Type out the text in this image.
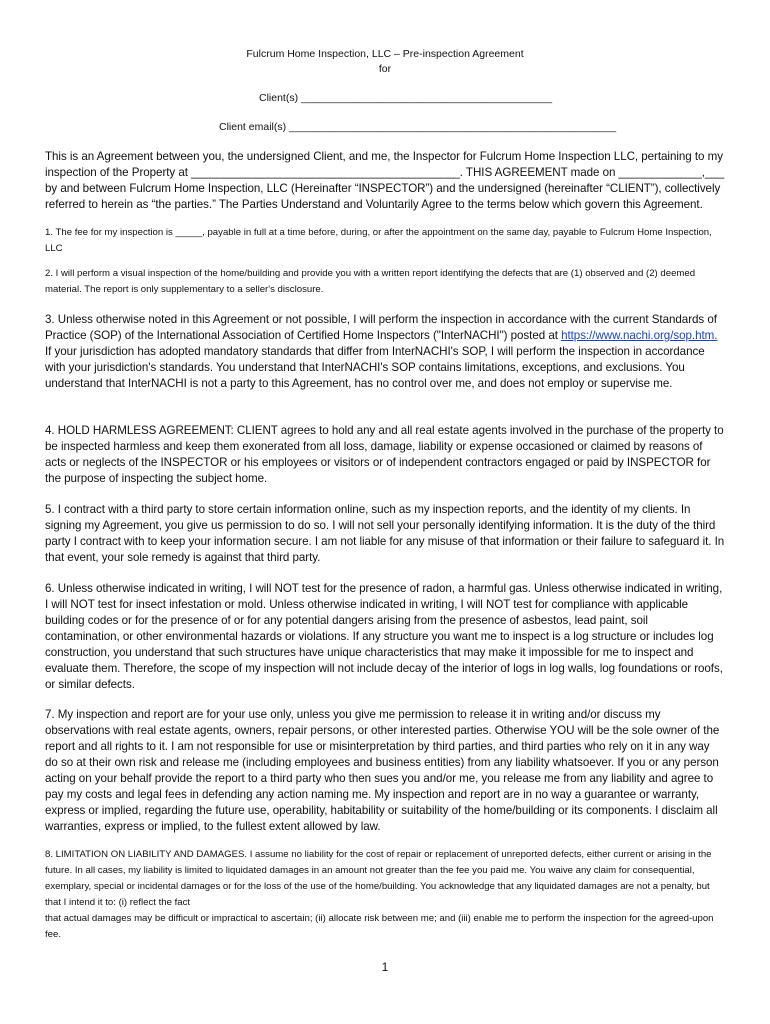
Fulcrum Home Inspection, LLC – Pre-inspection Agreement
for
Client(s) ___________________________________________
Client email(s) ________________________________________________________

This is an Agreement between you, the undersigned Client, and me, the Inspector for Fulcrum Home Inspection LLC, pertaining to my inspection of the Property at __________________________________________. THIS AGREEMENT made on _____________,___ by and between Fulcrum Home Inspection, LLC (Hereinafter “INSPECTOR”) and the undersigned (hereinafter “CLIENT”), collectively referred to herein as “the parties.” The Parties Understand and Voluntarily Agree to the terms below which govern this Agreement.

1. The fee for my inspection is _____, payable in full at a time before, during, or after the appointment on the same day, payable to Fulcrum Home Inspection, LLC

2. I will perform a visual inspection of the home/building and provide you with a written report identifying the defects that are (1) observed and (2) deemed material. The report is only supplementary to a seller's disclosure.

3. Unless otherwise noted in this Agreement or not possible, I will perform the inspection in accordance with the current Standards of Practice (SOP) of the International Association of Certified Home Inspectors ("InterNACHI") posted at https://www.nachi.org/sop.htm. If your jurisdiction has adopted mandatory standards that differ from InterNACHI's SOP, I will perform the inspection in accordance with your jurisdiction's standards. You understand that InterNACHI's SOP contains limitations, exceptions, and exclusions. You understand that InterNACHI is not a party to this Agreement, has no control over me, and does not employ or supervise me.

4. HOLD HARMLESS AGREEMENT: CLIENT agrees to hold any and all real estate agents involved in the purchase of the property to be inspected harmless and keep them exonerated from all loss, damage, liability or expense occasioned or claimed by reasons of acts or neglects of the INSPECTOR or his employees or visitors or of independent contractors engaged or paid by INSPECTOR for the purpose of inspecting the subject home.

5. I contract with a third party to store certain information online, such as my inspection reports, and the identity of my clients. In signing my Agreement, you give us permission to do so. I will not sell your personally identifying information. It is the duty of the third party I contract with to keep your information secure. I am not liable for any misuse of that information or their failure to safeguard it. In that event, your sole remedy is against that third party.

6. Unless otherwise indicated in writing, I will NOT test for the presence of radon, a harmful gas. Unless otherwise indicated in writing, I will NOT test for insect infestation or mold. Unless otherwise indicated in writing, I will NOT test for compliance with applicable building codes or for the presence of or for any potential dangers arising from the presence of asbestos, lead paint, soil contamination, or other environmental hazards or violations. If any structure you want me to inspect is a log structure or includes log construction, you understand that such structures have unique characteristics that may make it impossible for me to inspect and evaluate them. Therefore, the scope of my inspection will not include decay of the interior of logs in log walls, log foundations or roofs, or similar defects.

7. My inspection and report are for your use only, unless you give me permission to release it in writing and/or discuss my observations with real estate agents, owners, repair persons, or other interested parties. Otherwise YOU will be the sole owner of the report and all rights to it. I am not responsible for use or misinterpretation by third parties, and third parties who rely on it in any way do so at their own risk and release me (including employees and business entities) from any liability whatsoever. If you or any person acting on your behalf provide the report to a third party who then sues you and/or me, you release me from any liability and agree to pay my costs and legal fees in defending any action naming me. My inspection and report are in no way a guarantee or warranty, express or implied, regarding the future use, operability, habitability or suitability of the home/building or its components. I disclaim all warranties, express or implied, to the fullest extent allowed by law.

8. LIMITATION ON LIABILITY AND DAMAGES. I assume no liability for the cost of repair or replacement of unreported defects, either current or arising in the future. In all cases, my liability is limited to liquidated damages in an amount not greater than the fee you paid me. You waive any claim for consequential, exemplary, special or incidental damages or for the loss of the use of the home/building. You acknowledge that any liquidated damages are not a penalty, but that I intend it to: (i) reflect the fact
that actual damages may be difficult or impractical to ascertain; (ii) allocate risk between me; and (iii) enable me to perform the inspection for the agreed-upon fee.

1
